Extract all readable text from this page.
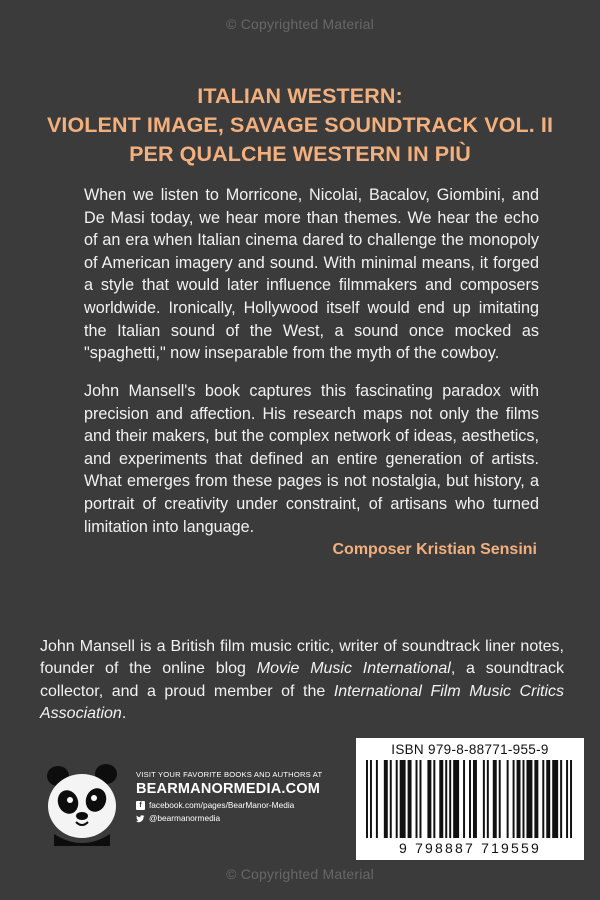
© Copyrighted Material
ITALIAN WESTERN:
VIOLENT IMAGE, SAVAGE SOUNDTRACK VOL. II
PER QUALCHE WESTERN IN PIÙ

When we listen to Morricone, Nicolai, Bacalov, Giombini, and De Masi today, we hear more than themes. We hear the echo of an era when Italian cinema dared to challenge the monopoly of American imagery and sound. With minimal means, it forged a style that would later influence filmmakers and composers worldwide. Ironically, Hollywood itself would end up imitating the Italian sound of the West, a sound once mocked as "spaghetti," now inseparable from the myth of the cowboy.

John Mansell's book captures this fascinating paradox with precision and affection. His research maps not only the films and their makers, but the complex network of ideas, aesthetics, and experiments that defined an entire generation of artists. What emerges from these pages is not nostalgia, but history, a portrait of creativity under constraint, of artisans who turned limitation into language.

Composer Kristian Sensini

John Mansell is a British film music critic, writer of soundtrack liner notes, founder of the online blog Movie Music International, a soundtrack collector, and a proud member of the International Film Music Critics Association.

VISIT YOUR FAVORITE BOOKS AND AUTHORS AT
BEARMANORMEDIA.COM
f facebook.com/pages/BearManor-Media
@bearmanormedia
ISBN 979-8-88771-955-9
9 798887 719559
© Copyrighted Material
